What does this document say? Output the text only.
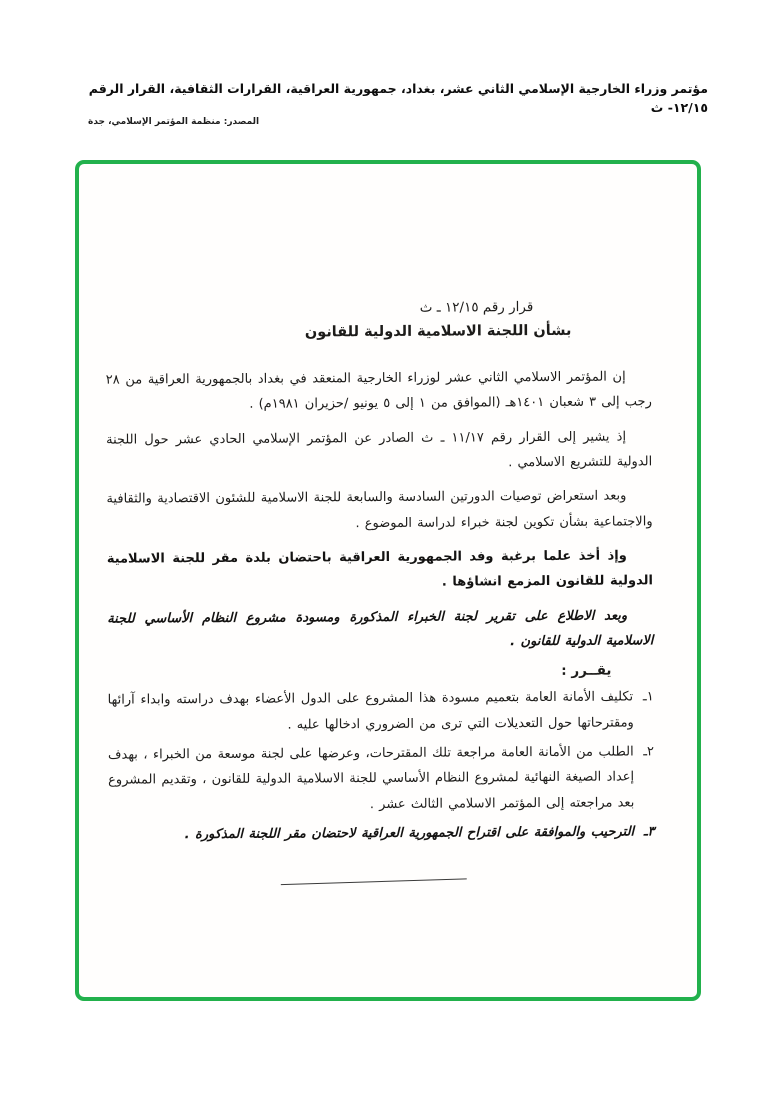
مؤتمر وزراء الخارجية الإسلامي الثاني عشر، بغداد، جمهورية العراقية، القرارات الثقافية، القرار الرقم ١٢/١٥- ث
المصدر: منظمة المؤتمر الإسلامي، جدة
قرار رقم ١٢/١٥ ـ ث
بشأن اللجنة الاسلامية الدولية للقانون

إن المؤتمر الاسلامي الثاني عشر لوزراء الخارجية المنعقد في بغداد بالجمهورية العراقية من ٢٨ رجب إلى ٣ شعبان ١٤٠١هـ (الموافق من ١ إلى ٥ يونيو /حزيران ١٩٨١م) .

إذ يشير إلى القرار رقم ١١/١٧ ـ ث الصادر عن المؤتمر الإسلامي الحادي عشر حول اللجنة الدولية للتشريع الاسلامي .

وبعد استعراض توصيات الدورتين السادسة والسابعة للجنة الاسلامية للشئون الاقتصادية والثقافية والاجتماعية بشأن تكوين لجنة خبراء لدراسة الموضوع .

وإذ أخذ علما برغبة وفد الجمهورية العراقية باحتضان بلدة مقر للجنة الاسلامية الدولية للقانون المزمع انشاؤها .

وبعد الاطلاع على تقرير لجنة الخبراء المذكورة ومسودة مشروع النظام الأساسي للجنة الاسلامية الدولية للقانون .

يقــرر :
١ـ تكليف الأمانة العامة بتعميم مسودة هذا المشروع على الدول الأعضاء بهدف دراسته وابداء آرائها ومقترحاتها حول التعديلات التي ترى من الضروري ادخالها عليه .
٢ـ الطلب من الأمانة العامة مراجعة تلك المقترحات، وعرضها على لجنة موسعة من الخبراء ، بهدف إعداد الصيغة النهائية لمشروع النظام الأساسي للجنة الاسلامية الدولية للقانون ، وتقديم المشروع بعد مراجعته إلى المؤتمر الاسلامي الثالث عشر .
٣ـ الترحيب والموافقة على اقتراح الجمهورية العراقية لاحتضان مقر اللجنة المذكورة .
